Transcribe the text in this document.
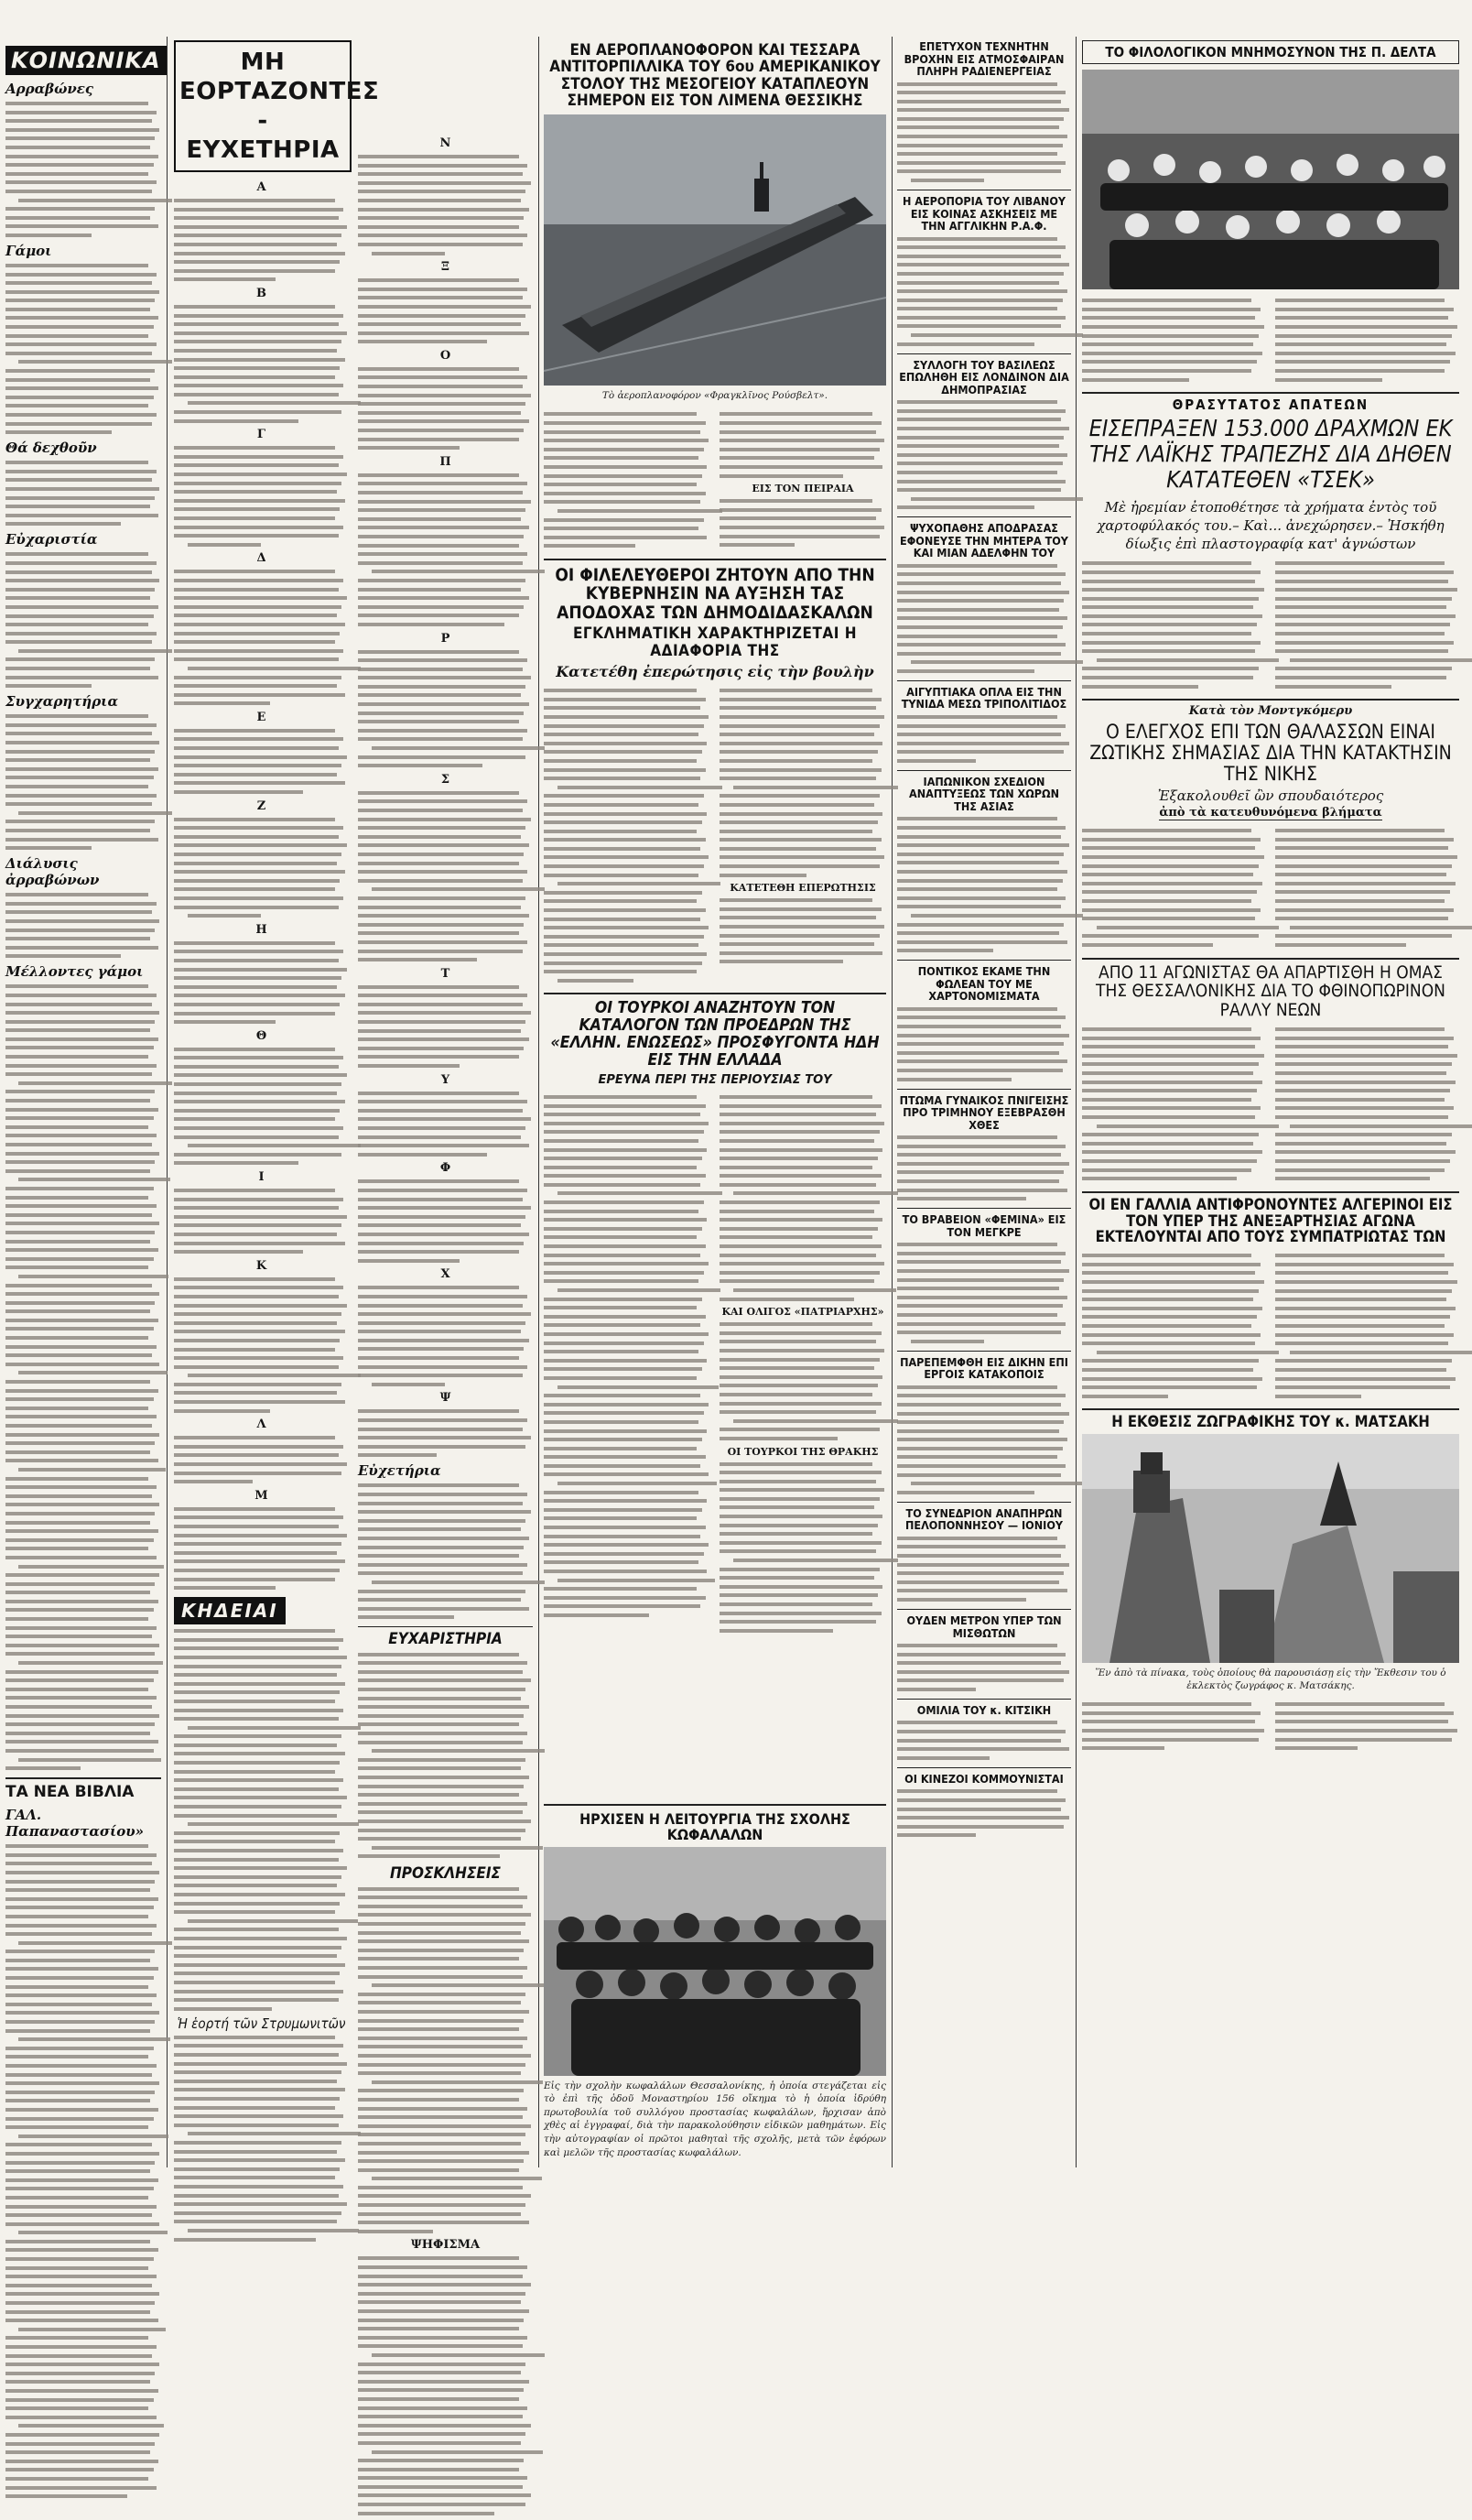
ΚΟΙΝΩΝΙΚΑ
Αρραβώνες
Γάμοι
Θά δεχθοῦν
Εὐχαριστία
Συγχαρητήρια
Διάλυσις ἀρραβώνων
Μέλλοντες γάμοι
ΤΑ ΝΕΑ ΒΙΒΛΙΑ
ΓΑΛ. Παπαναστασίου»
ΜΗ ΕΟΡΤΑΖΟΝΤΕΣ - ΕΥΧΕΤΗΡΙΑ
Α
Β
Γ
Δ
Ε
Ζ
Η
Θ
Ι
Κ
Λ
Μ
ΚΗΔΕΙΑΙ
Ἡ ἑορτή τῶν Στρυμωνιτῶν
Ν
Ξ
Ο
Π
Ρ
Σ
Τ
Υ
Φ
Χ
Ψ
Εὐχετήρια
ΕΥΧΑΡΙΣΤΗΡΙΑ
ΠΡΟΣΚΛΗΣΕΙΣ
ΨΗΦΙΣΜΑ
ΕΝ ΑΕΡΟΠΛΑΝΟΦΟΡΟΝ ΚΑΙ ΤΕΣΣΑΡΑ ΑΝΤΙΤΟΡΠΙΛΛΙΚΑ ΤΟΥ 6ου ΑΜΕΡΙΚΑΝΙΚΟΥ ΣΤΟΛΟΥ ΤΗΣ ΜΕΣΟΓΕΙΟΥ ΚΑΤΑΠΛΕΟΥΝ ΣΗΜΕΡΟΝ ΕΙΣ ΤΟΝ ΛΙΜΕΝΑ ΘΕΣΣΙΚΗΣ
Τὸ ἀεροπλανοφόρον «Φραγκλῖνος Ρούσβελτ».
ΕΙΣ ΤΟΝ ΠΕΙΡΑΙΑ
ΟΙ ΦΙΛΕΛΕΥΘΕΡΟΙ ΖΗΤΟΥΝ ΑΠΟ ΤΗΝ ΚΥΒΕΡΝΗΣΙΝ ΝΑ ΑΥΞΗΣΗ ΤΑΣ ΑΠΟΔΟΧΑΣ ΤΩΝ ΔΗΜΟΔΙΔΑΣΚΑΛΩΝ
ΕΓΚΛΗΜΑΤΙΚΗ ΧΑΡΑΚΤΗΡΙΖΕΤΑΙ Η ΑΔΙΑΦΟΡΙΑ ΤΗΣ
Κατετέθη ἐπερώτησις εἰς τὴν βουλὴν
ΚΑΤΕΤΕΘΗ ΕΠΕΡΩΤΗΣΙΣ
ΟΙ ΤΟΥΡΚΟΙ ΑΝΑΖΗΤΟΥΝ ΤΟΝ ΚΑΤΑΛΟΓΟΝ ΤΩΝ ΠΡΟΕΔΡΩΝ ΤΗΣ «ΕΛΛΗΝ. ΕΝΩΣΕΩΣ» ΠΡΟΣΦΥΓΟΝΤΑ ΗΔΗ ΕΙΣ ΤΗΝ ΕΛΛΑΔΑ
ΕΡΕΥΝΑ ΠΕΡΙ ΤΗΣ ΠΕΡΙΟΥΣΙΑΣ ΤΟΥ
ΚΑΙ ΟΛΙΓΟΣ «ΠΑΤΡΙΑΡΧΗΣ»
ΟΙ ΤΟΥΡΚΟΙ ΤΗΣ ΘΡΑΚΗΣ
ΗΡΧΙΣΕΝ Η ΛΕΙΤΟΥΡΓΙΑ ΤΗΣ ΣΧΟΛΗΣ ΚΩΦΑΛΑΛΩΝ
Εἰς τὴν σχολὴν κωφαλάλων Θεσσαλονίκης, ἡ ὁποία στεγάζεται εἰς τὸ ἐπὶ τῆς ὁδοῦ Μοναστηρίου 156 οἴκημα τὸ ἡ ὁποία ἱδρύθη πρωτοβουλία τοῦ συλλόγου προστασίας κωφαλάλων, ἤρχισαν ἀπὸ χθὲς αἱ ἐγγραφαί, διὰ τὴν παρακολούθησιν εἰδικῶν μαθημάτων. Εἰς τὴν αὐτογραφίαν οἱ πρῶτοι μαθηταὶ τῆς σχολῆς, μετὰ τῶν ἐφόρων καὶ μελῶν τῆς προστασίας κωφαλάλων.
ΕΠΕΤΥΧΟΝ ΤΕΧΝΗΤΗΝ ΒΡΟΧΗΝ ΕΙΣ ΑΤΜΟΣΦΑΙΡΑΝ ΠΛΗΡΗ ΡΑΔΙΕΝΕΡΓΕΙΑΣ
Η ΑΕΡΟΠΟΡΙΑ ΤΟΥ ΛΙΒΑΝΟΥ ΕΙΣ ΚΟΙΝΑΣ ΑΣΚΗΣΕΙΣ ΜΕ ΤΗΝ ΑΓΓΛΙΚΗΝ Ρ.Α.Φ.
ΣΥΛΛΟΓΗ ΤΟΥ ΒΑΣΙΛΕΩΣ ΕΠΩΛΗΘΗ ΕΙΣ ΛΟΝΔΙΝΟΝ ΔΙΑ ΔΗΜΟΠΡΑΣΙΑΣ
ΨΥΧΟΠΑΘΗΣ ΑΠΟΔΡΑΣΑΣ ΕΦΟΝΕΥΣΕ ΤΗΝ ΜΗΤΕΡΑ ΤΟΥ ΚΑΙ ΜΙΑΝ ΑΔΕΛΦΗΝ ΤΟΥ
ΑΙΓΥΠΤΙΑΚΑ ΟΠΛΑ ΕΙΣ ΤΗΝ ΤΥΝΙΔΑ ΜΕΣΩ ΤΡΙΠΟΛΙΤΙΔΟΣ
ΙΑΠΩΝΙΚΟΝ ΣΧΕΔΙΟΝ ΑΝΑΠΤΥΞΕΩΣ ΤΩΝ ΧΩΡΩΝ ΤΗΣ ΑΣΙΑΣ
ΠΟΝΤΙΚΟΣ ΕΚΑΜΕ ΤΗΝ ΦΩΛΕΑΝ ΤΟΥ ΜΕ ΧΑΡΤΟΝΟΜΙΣΜΑΤΑ
ΠΤΩΜΑ ΓΥΝΑΙΚΟΣ ΠΝΙΓΕΙΣΗΣ ΠΡΟ ΤΡΙΜΗΝΟΥ ΕΞΕΒΡΑΣΘΗ ΧΘΕΣ
ΤΟ ΒΡΑΒΕΙΟΝ «ΦΕΜΙΝΑ» ΕΙΣ ΤΟΝ ΜΕΓΚΡΕ
ΠΑΡΕΠΕΜΦΘΗ ΕΙΣ ΔΙΚΗΝ ΕΠΙ ΕΡΓΟΙΣ ΚΑΤΑΚΟΠΟΙΣ
ΤΟ ΣΥΝΕΔΡΙΟΝ ΑΝΑΠΗΡΩΝ ΠΕΛΟΠΟΝΝΗΣΟΥ — ΙΟΝΙΟΥ
ΟΥΔΕΝ ΜΕΤΡΟΝ ΥΠΕΡ ΤΩΝ ΜΙΣΘΩΤΩΝ
ΟΜΙΛΙΑ ΤΟΥ κ. ΚΙΤΣΙΚΗ
ΟΙ ΚΙΝΕΖΟΙ ΚΟΜΜΟΥΝΙΣΤΑΙ
ΤΟ ΦΙΛΟΛΟΓΙΚΟΝ ΜΝΗΜΟΣΥΝΟΝ ΤΗΣ Π. ΔΕΛΤΑ
ΘΡΑΣΥΤΑΤΟΣ ΑΠΑΤΕΩΝ
ΕΙΣΕΠΡΑΞΕΝ 153.000 ΔΡΑΧΜΩΝ ΕΚ ΤΗΣ ΛΑΪΚΗΣ ΤΡΑΠΕΖΗΣ ΔΙΑ ΔΗΘΕΝ ΚΑΤΑΤΕΘΕΝ «ΤΣΕΚ»
Μὲ ἠρεμίαν ἐτοποθέτησε τὰ χρήματα ἐντὸς τοῦ χαρτοφύλακός του.– Καὶ... ἀνεχώρησεν.– Ἠσκήθη δίωξις ἐπὶ πλαστογραφίᾳ κατ' ἀγνώστων
Κατὰ τὸν Μοντγκόμερυ
Ο ΕΛΕΓΧΟΣ ΕΠΙ ΤΩΝ ΘΑΛΑΣΣΩΝ ΕΙΝΑΙ ΖΩΤΙΚΗΣ ΣΗΜΑΣΙΑΣ ΔΙΑ ΤΗΝ ΚΑΤΑΚΤΗΣΙΝ ΤΗΣ ΝΙΚΗΣ
Ἐξακολουθεῖ ὢν σπουδαιότερος
ἀπὸ τὰ κατευθυνόμενα βλήματα
ΑΠΟ 11 ΑΓΩΝΙΣΤΑΣ ΘΑ ΑΠΑΡΤΙΣΘΗ Η ΟΜΑΣ ΤΗΣ ΘΕΣΣΑΛΟΝΙΚΗΣ ΔΙΑ ΤΟ ΦΘΙΝΟΠΩΡΙΝΟΝ ΡΑΛΛΥ ΝΕΩΝ
ΟΙ ΕΝ ΓΑΛΛΙΑ ΑΝΤΙΦΡΟΝΟΥΝΤΕΣ ΑΛΓΕΡΙΝΟΙ ΕΙΣ ΤΟΝ ΥΠΕΡ ΤΗΣ ΑΝΕΞΑΡΤΗΣΙΑΣ ΑΓΩΝΑ ΕΚΤΕΛΟΥΝΤΑΙ ΑΠΟ ΤΟΥΣ ΣΥΜΠΑΤΡΙΩΤΑΣ ΤΩΝ
Η ΕΚΘΕΣΙΣ ΖΩΓΡΑΦΙΚΗΣ ΤΟΥ κ. ΜΑΤΣΑΚΗ
Ἕν ἀπὸ τὰ πίνακα, τοὺς ὁποίους θὰ παρουσιάσῃ εἰς τὴν Ἔκθεσιν του ὁ ἐκλεκτὸς ζωγράφος κ. Ματσάκης.
